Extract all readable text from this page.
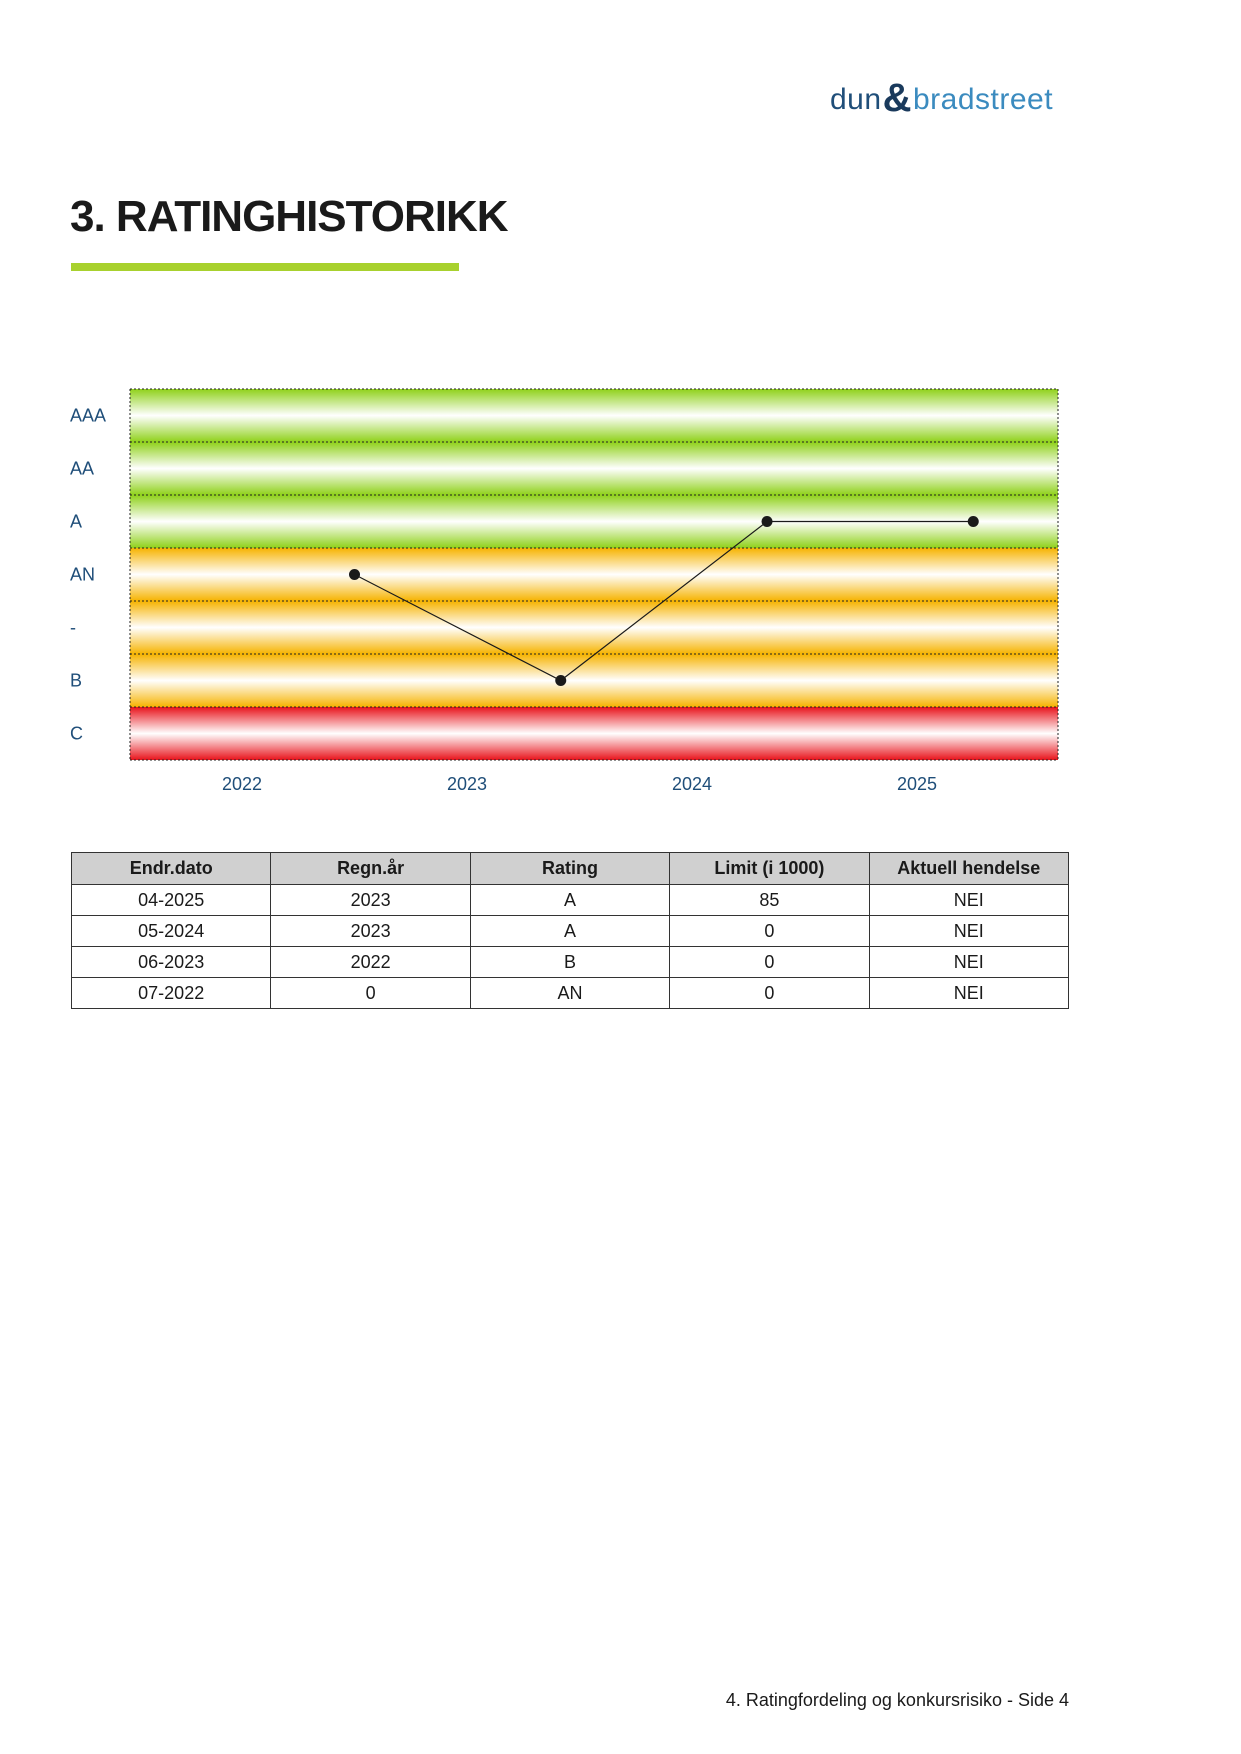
dun & bradstreet
3. RATINGHISTORIKK
AAA
AA
A
AN
-
B
C
2022	2023	2024	2025
Endr.dato	Regn.år	Rating	Limit (i 1000)	Aktuell hendelse
04-2025	2023	A	85	NEI
05-2024	2023	A	0	NEI
06-2023	2022	B	0	NEI
07-2022	0	AN	0	NEI
4. Ratingfordeling og konkursrisiko - Side 4
